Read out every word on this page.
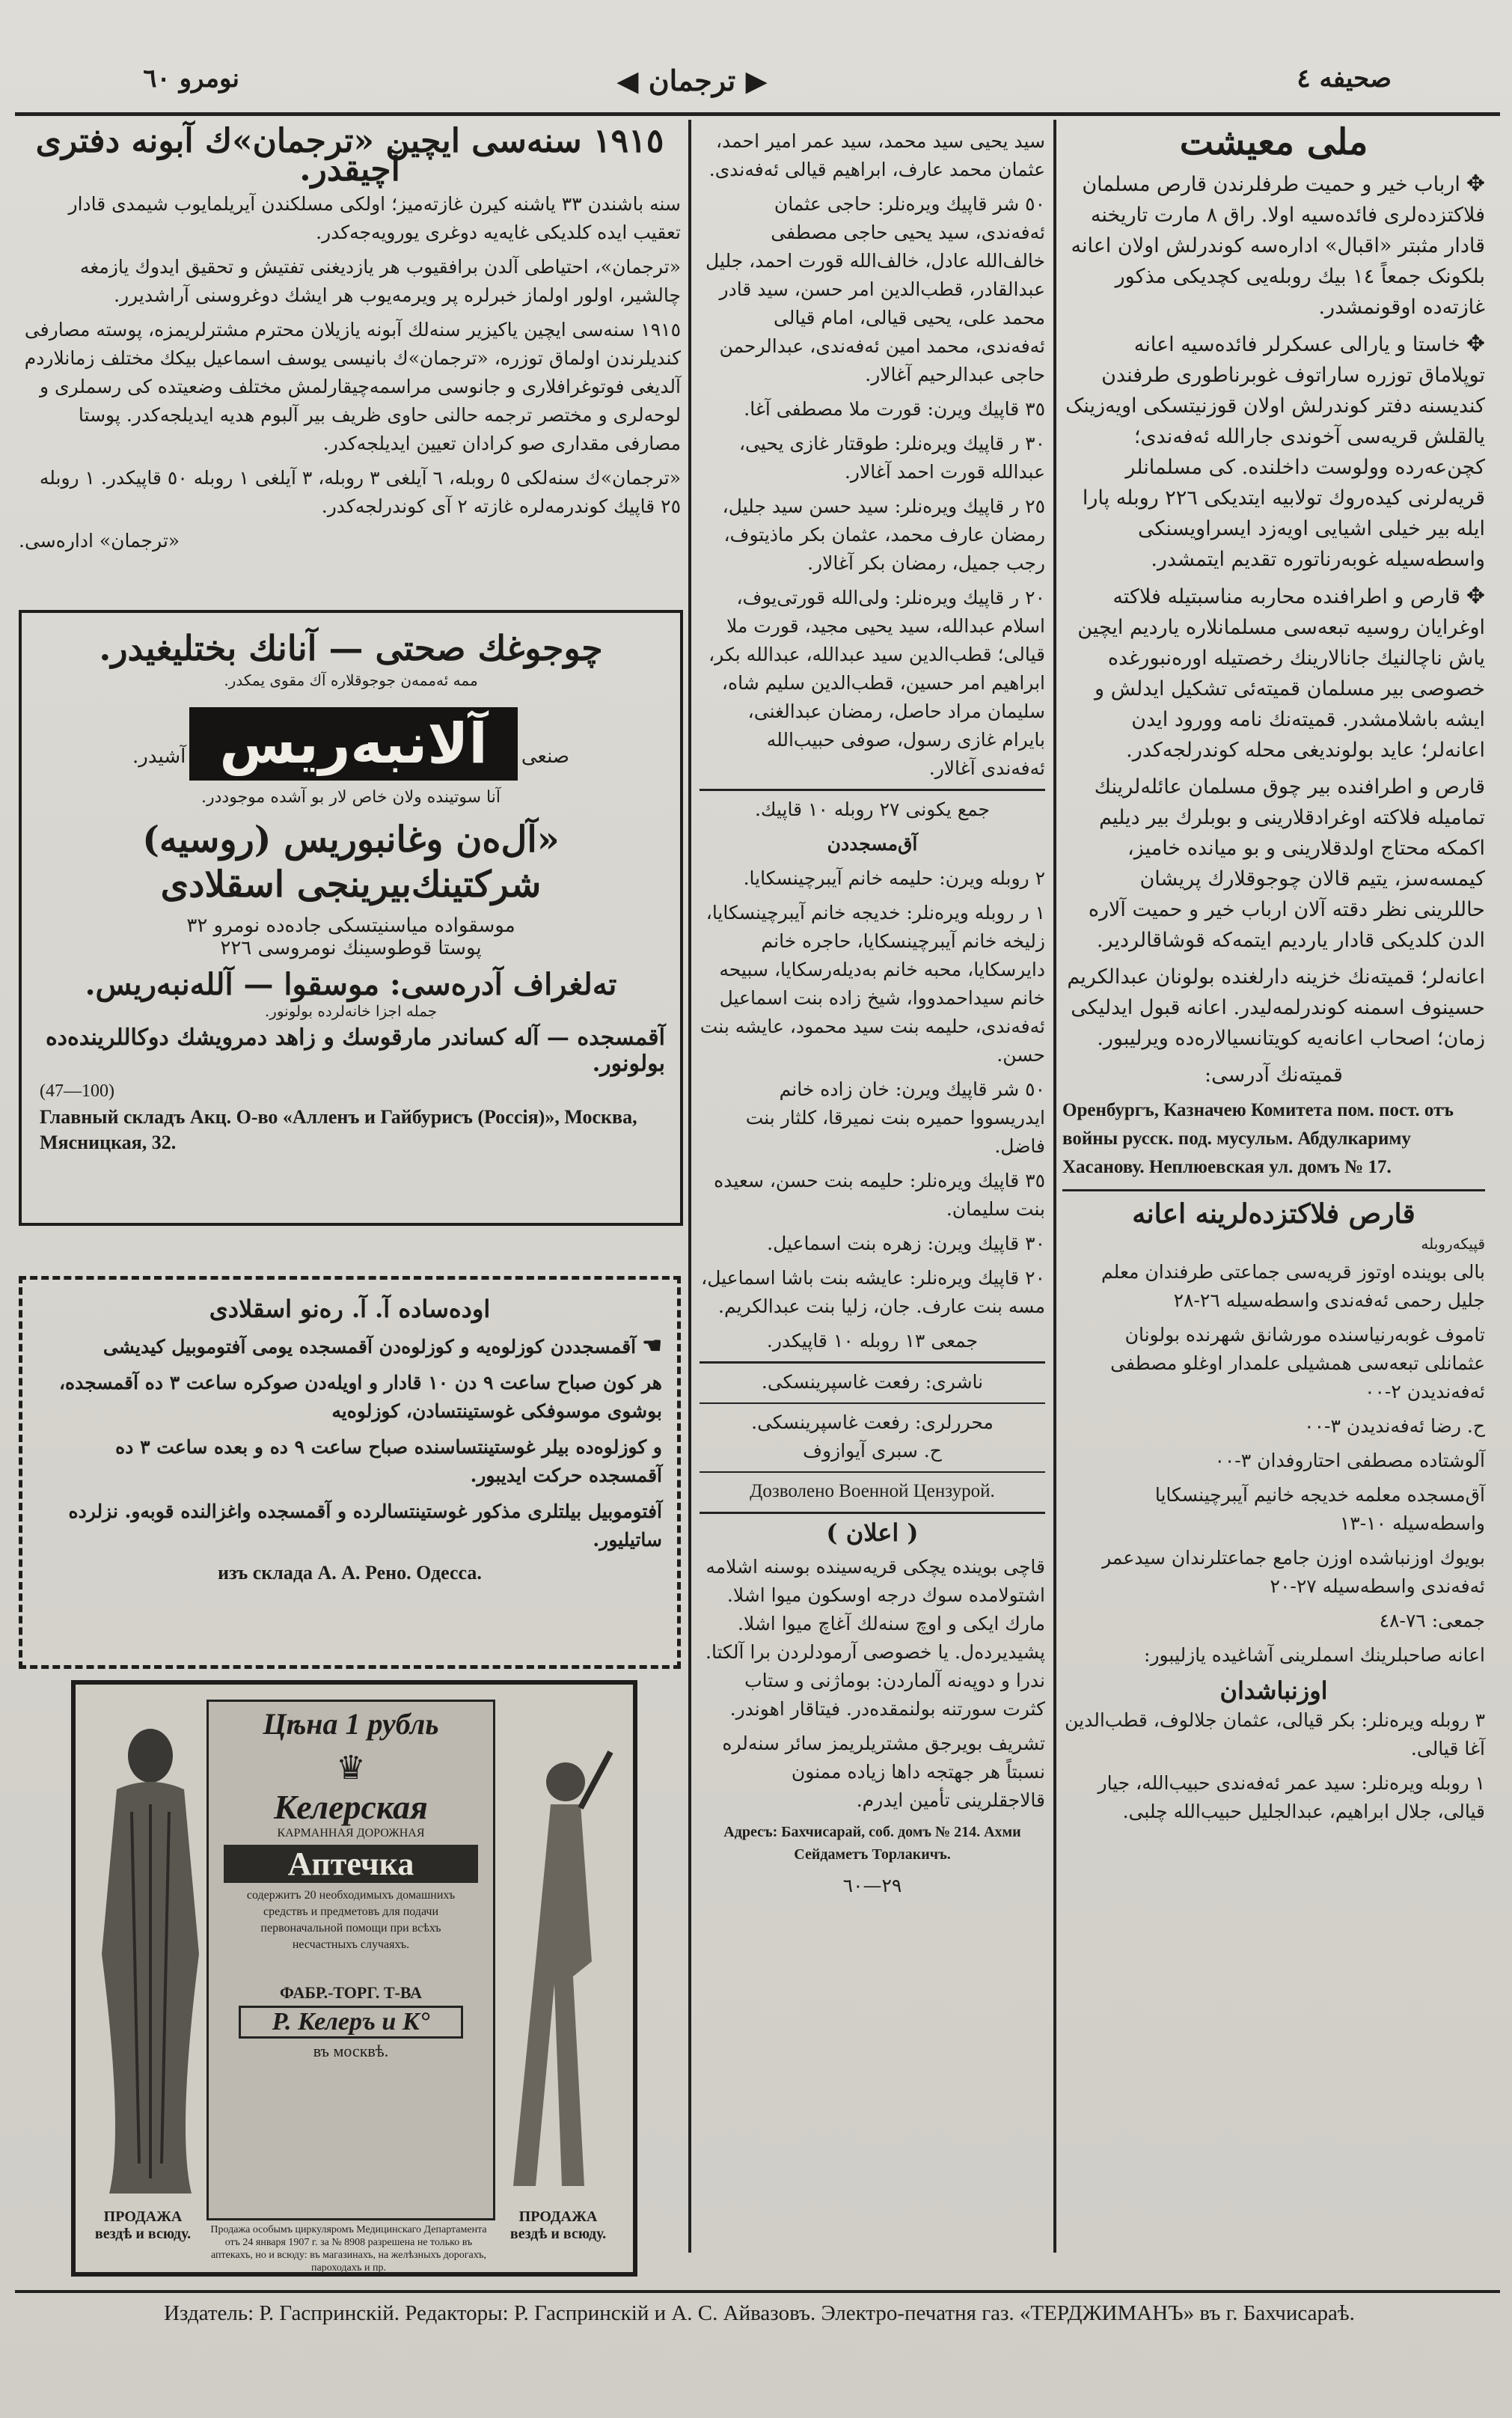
صحیفه ٤
◀ ترجمان ▶
نومرو ٦٠
ملی معیشت

✥ارباب خیر و حمیت طرفلرندن قارص مسلمان فلاکتزده‌لری فائده‌سیه اولا. راق ۸ مارت تاریخنه قادار مثبتر «اقبال» اداره‌سه کوندرلش اولان اعانه بلکونک جمعاً ۱٤ بیك روبله‌یی کچدیکی مذکور غازته‌ده اوقونمشدر.

✥خاستا و یارالی عسکرلر فائده‌سیه اعانه توپلاماق توزره ساراتوف غوبرناطوری طرفندن کندیسنه دفتر کوندرلش اولان قوزنیتسکی اویه‌زینک یالقلش قریه‌سی آخوندی جارالله ئەفەندى؛ کچن‌عه‌رده وولوست داخلنده. کی مسلمانلر قریه‌لرنی کیده‌روك تولابیه ایتدیکی ۲۲٦ روبله پارا ایله بیر خیلی اشیایی اویه‌زد ایسراویسنکی واسطه‌سیله غوبه‌رناتوره تقدیم ایتمشدر.

✥قارص و اطرافنده محاربه مناسبتیله فلاکته اوغرایان روسیه تبعه‌سی مسلمانلاره یاردیم ایچین یاش ناچالنیك جانالارینك رخصتیله اوره‌نبورغده خصوصی بیر مسلمان قمیته‌ئی تشکیل ایدلش و ایشه باشلامشدر. قمیته‌نك نامه وورود ایدن اعانه‌لر؛ عاید بولوندیغی محله کوندرلجه‌کدر.

قارص و اطرافنده بیر چوق مسلمان عائله‌لرینك تمامیله فلاکته اوغرادقلارینی و بوبلرك بیر دیلیم اکمکه محتاج اولدقلارینی و بو میانده خامیز، کیمسه‌سز، یتیم قالان چوجوقلارك پریشان حاللرینی نظر دقته آلان ارباب خیر و حمیت آلاره الدن کلدیکی قادار یاردیم ایتمه‌که قوشاقالردیر.

اعانه‌لر؛ قمیته‌نك خزینه دارلغنده بولونان عبدالکریم حسینوف اسمنه کوندرلمه‌لیدر. اعانه قبول ایدلیکی زمان؛ اصحاب اعانه‌یه کویتانسیالاره‌ده ویرلیبور.

قمیته‌نك آدرسی:

Оренбургъ, Казначею Комитета пом. пост. отъ войны русск. под. мусульм. Абдулкариму Хасанову. Неплюевская ул. домъ № 17.

قارص فلاکتزده‌لرینه اعانه
قپیکه‌روبله

بالی بوینده اوتوز قریه‌سی جماعتی طرفندان معلم جلیل رحمی ئەفەندى واسطه‌سیله ٢٦-٢٨

تاموف غوبه‌رنیاسنده مورشانق شهرنده بولونان عثمانلی تبعه‌سی همشیلی علمدار اوغلو مصطفی ئەفەندیدن ٢-٠٠

ح. رضا ئەفەندیدن ٣-٠٠

آلوشتاده مصطفی احتاروفدان ٣-٠٠

آق‌مسجده معلمه خدیجه خانیم آیبرچینسکایا واسطه‌سیله ١٠-١٣

بویوك اوزنباشده اوزن جامع جماعتلرندان سیدعمر ئەفەندى واسطه‌سیله ٢٧-٢٠

جمعی: ٧٦-٤٨

اعانه صاحبلرینك اسملرینی آشاغیده یازلیبور:

اوزنباشدان

٣ روبله ویره‌نلر: بکر قیالی، عثمان جلالوف، قطب‌الدین آغا قیالی.

١ روبله ویره‌نلر: سید عمر ئەفەندى حبیب‌الله، جیار قیالی، جلال ابراهیم، عبدالجلیل حبیب‌الله چلبی.

سید یحیی سید محمد، سید عمر امیر احمد، عثمان محمد عارف، ابراهیم قیالی ئەفەندى.

٥٠ شر قاپیك ویره‌نلر: حاجی عثمان ئەفەندى، سید یحیی حاجی مصطفی خالف‌الله عادل، خالف‌الله قورت احمد، جلیل عبدالقادر، قطب‌الدین امر حسن، سید قادر محمد علی، یحیی قیالی، امام قیالی ئەفەندى، محمد امین ئەفەندى، عبدالرحمن حاجی عبدالرحیم آغالار.

٣٥ قاپیك ویرن: قورت ملا مصطفی آغا.

٣٠ ر قاپیك ویره‌نلر: طوقتار غازی یحیی، عبدالله قورت احمد آغالار.

٢٥ ر قاپیك ویره‌نلر: سید حسن سید جلیل، رمضان عارف محمد، عثمان بکر ماذیتوف، رجب جمیل، رمضان بکر آغالار.

٢٠ ر قاپیك ویره‌نلر: ولی‌الله قورتی‌یوف، اسلام عبدالله، سید یحیی مجید، قورت ملا قیالی؛ قطب‌الدین سید عبدالله، عبدالله بکر، ابراهیم امر حسین، قطب‌الدین سلیم شاه، سلیمان مراد حاصل، رمضان عبدالغنی، بایرام غازی رسول، صوفی حبیب‌الله ئەفەندى آغالار.

جمع یکونی ٢٧ روبله ١٠ قاپیك.

آق‌مسجددن

٢ روبله ویرن: حلیمه خانم آیبرچینسکایا.

١ ر روبله ویره‌نلر: خدیجه خانم آیبرچینسکایا، زلیخه خانم آیبرچینسکایا، حاجره خانم دایرسکایا، محبه خانم بەدیلەرسکایا، سبیحه خانم سید‌احمدووا، شیخ زاده بنت اسماعیل ئەفەندى، حلیمه بنت سید محمود، عایشه بنت حسن.

٥٠ شر قاپیك ویرن: خان زاده خانم ایدریسووا حمیره بنت نمیرقا، کلثار بنت فاضل.

٣٥ قاپیك ویره‌نلر: حلیمه بنت حسن، سعیده بنت سلیمان.

٣٠ قاپیك ویرن: زهره بنت اسماعیل.

٢٠ قاپیك ویره‌نلر: عایشه بنت باشا اسماعیل، مسه بنت عارف. جان، زلیا بنت عبدالکریم.

جمعی ١٣ روبله ١٠ قاپیکدر.

ناشری: رفعت غاسپرینسکی.

محررلری: رفعت غاسپرینسکی.
ح. سبری آیوازوف

Дозволено Военной Цензурой.

( اعلان )

قاچی بوینده یچکی قریه‌سینده بوسنه اشلامه اشتولامده سوك درجه اوسکون میوا اشلا. مارك ایکی و اوچ سنه‌لك آغاچ میوا اشلا. پشیدیرده‌ل. یا خصوصی آرمودلردن برا آلکتا. ندرا و دوپه‌نه آلماردن: بوماژنی و ستاب کثرت سورتنه بولنمقده‌در. فیتاقار اهوندر.

تشریف بویرجق مشتریلریمز سائر سنه‌لره نسبتاً هر جهتجه داها زیاده ممنون قالاجقلرینی تأمین ایدرم.

Адресъ: Бахчисарай, соб. домъ № 214. Ахми Сейдаметъ Торлакичъ.

٢٩—٦٠

١٩١٥ سنه‌سی ایچین «ترجمان»ك آبونه دفتری آچیقدر.

سنه باشندن ٣٣ یاشنه کیرن غازته‌میز؛ اولکی مسلکندن آیریلمایوب شیمدی قادار تعقیب ایده کلدیکی غایه‌یه دوغری یورویه‌جه‌کدر.

«ترجمان»، احتیاطی آلدن برافقیوب هر یازدیغنی تفتیش و تحقیق ایدوك یازمغه چالشیر، اولور اولماز خبرلره پر ویرمه‌یوب هر ایشك دوغروسنی آراشدیرر.

١٩١٥ سنه‌سی ایچین یاکیزیر سنه‌لك آبونه یازیلان محترم مشترلریمزه، پوسته مصارفی کندیلرندن اولماق توزره، «ترجمان»ك بانیسی یوسف اسماعیل بیکك مختلف زمانلاردم آلدیغی فوتوغرافلاری و جانوسی مراسمه‌چیقارلمش مختلف وضعیتده کی رسملری و لوحه‌لری و مختصر ترجمه حالنی حاوی ظریف بیر آلبوم هدیه ایدیلجه‌کدر. پوستا مصارفی مقداری صو کرادان تعیین ایدیلجه‌کدر.

«ترجمان»ك سنه‌لکی ٥ روبله، ٦ آیلغی ٣ روبله، ٣ آیلغی ١ روبله ٥٠ قاپیکدر. ١ روبله ٢٥ قاپیك کوندرمه‌لره غازته ٢ آی کوندرلجه‌کدر.

«ترجمان» اداره‌سی.

چوجوغك صحتی — آنانك بختلیغیدر.
ممه ئه‌ممه‌ن جوجوقلاره آك مقوی یمکدر.
صنعی آلانبه‌ریس آشیدر.
آنا سوتینده‌ ولان خاص لار بو آشده موجوددر.
«آل‌ه‌ن وغانبوریس (روسیه) شرکتینك‌بیرینجی اسقلادی
موسقوا‌ده میاسنیتسکی جاده‌ده نومرو ٣٢
پوستا قوطوسینك نومروسی ٢٢٦
تەلغراف آدرەسی: موسقوا — آللەنبەریس.
جمله اجزا خانه‌لرده بولونور.
آقمسجده — آله کساندر مارقوسك و زاهد دمرویشك دوکاللرینده‌ده بولونور.
(47—100)
Главный складъ Акц. О-во «Алленъ и Гайбурисъ (Россія)», Москва, Мясницкая, 32.
اوده‌ساده آ. آ. رەنو اسقلادی
☚آقمسجددن کوزلوه‌یه و کوزلوه‌دن آقمسجده یومی آفتوموبیل کیدیشی
هر کون صباح ساعت ٩ دن ١٠ قادار و اویلەدن صوکره ساعت ٣ ده آقمسجده، بوشوی موسوفکی غوستینتسادن، کوزلوه‌یه
و کوزلوه‌ده بیلر غوستینتساسندە صباح ساعت ٩ ده و بعده ساعت ٣ ده آقمسجده حرکت ایدیبور.
آفتوموبیل بیلتلری مذکور غوستینتسالرده و آقمسجده واغزالنده قوبەو. نزلرده ساتیلیور.
изъ склада А. А. Рено. Одесса.
Цѣна 1 рубль
♛
Келерская
КАРМАННАЯ ДОРОЖНАЯ
Аптечка
содержитъ 20 необходимыхъ домашнихъ средствъ и предметовъ для подачи первоначальной помощи при всѣхъ несчастныхъ случаяхъ.
ФАБР.-ТОРГ. Т-ВА
Р. Келеръ и К°
въ москвѣ.
Продажа особымъ циркуляромъ Медицинскаго Департамента отъ 24 января 1907 г. за № 8908 разрешена не только въ аптекахъ, но и всюду: въ магазинахъ, на желѣзныхъ дорогахъ, пароходахъ и пр.
ПРОДАЖА вездѣ и всюду.
ПРОДАЖА вездѣ и всюду.
Издатель: Р. Гаспринскій. Редакторы: Р. Гаспринскій и А. С. Айвазовъ. Электро-печатня газ. «ТЕРДЖИМАНЪ» въ г. Бахчисараѣ.
